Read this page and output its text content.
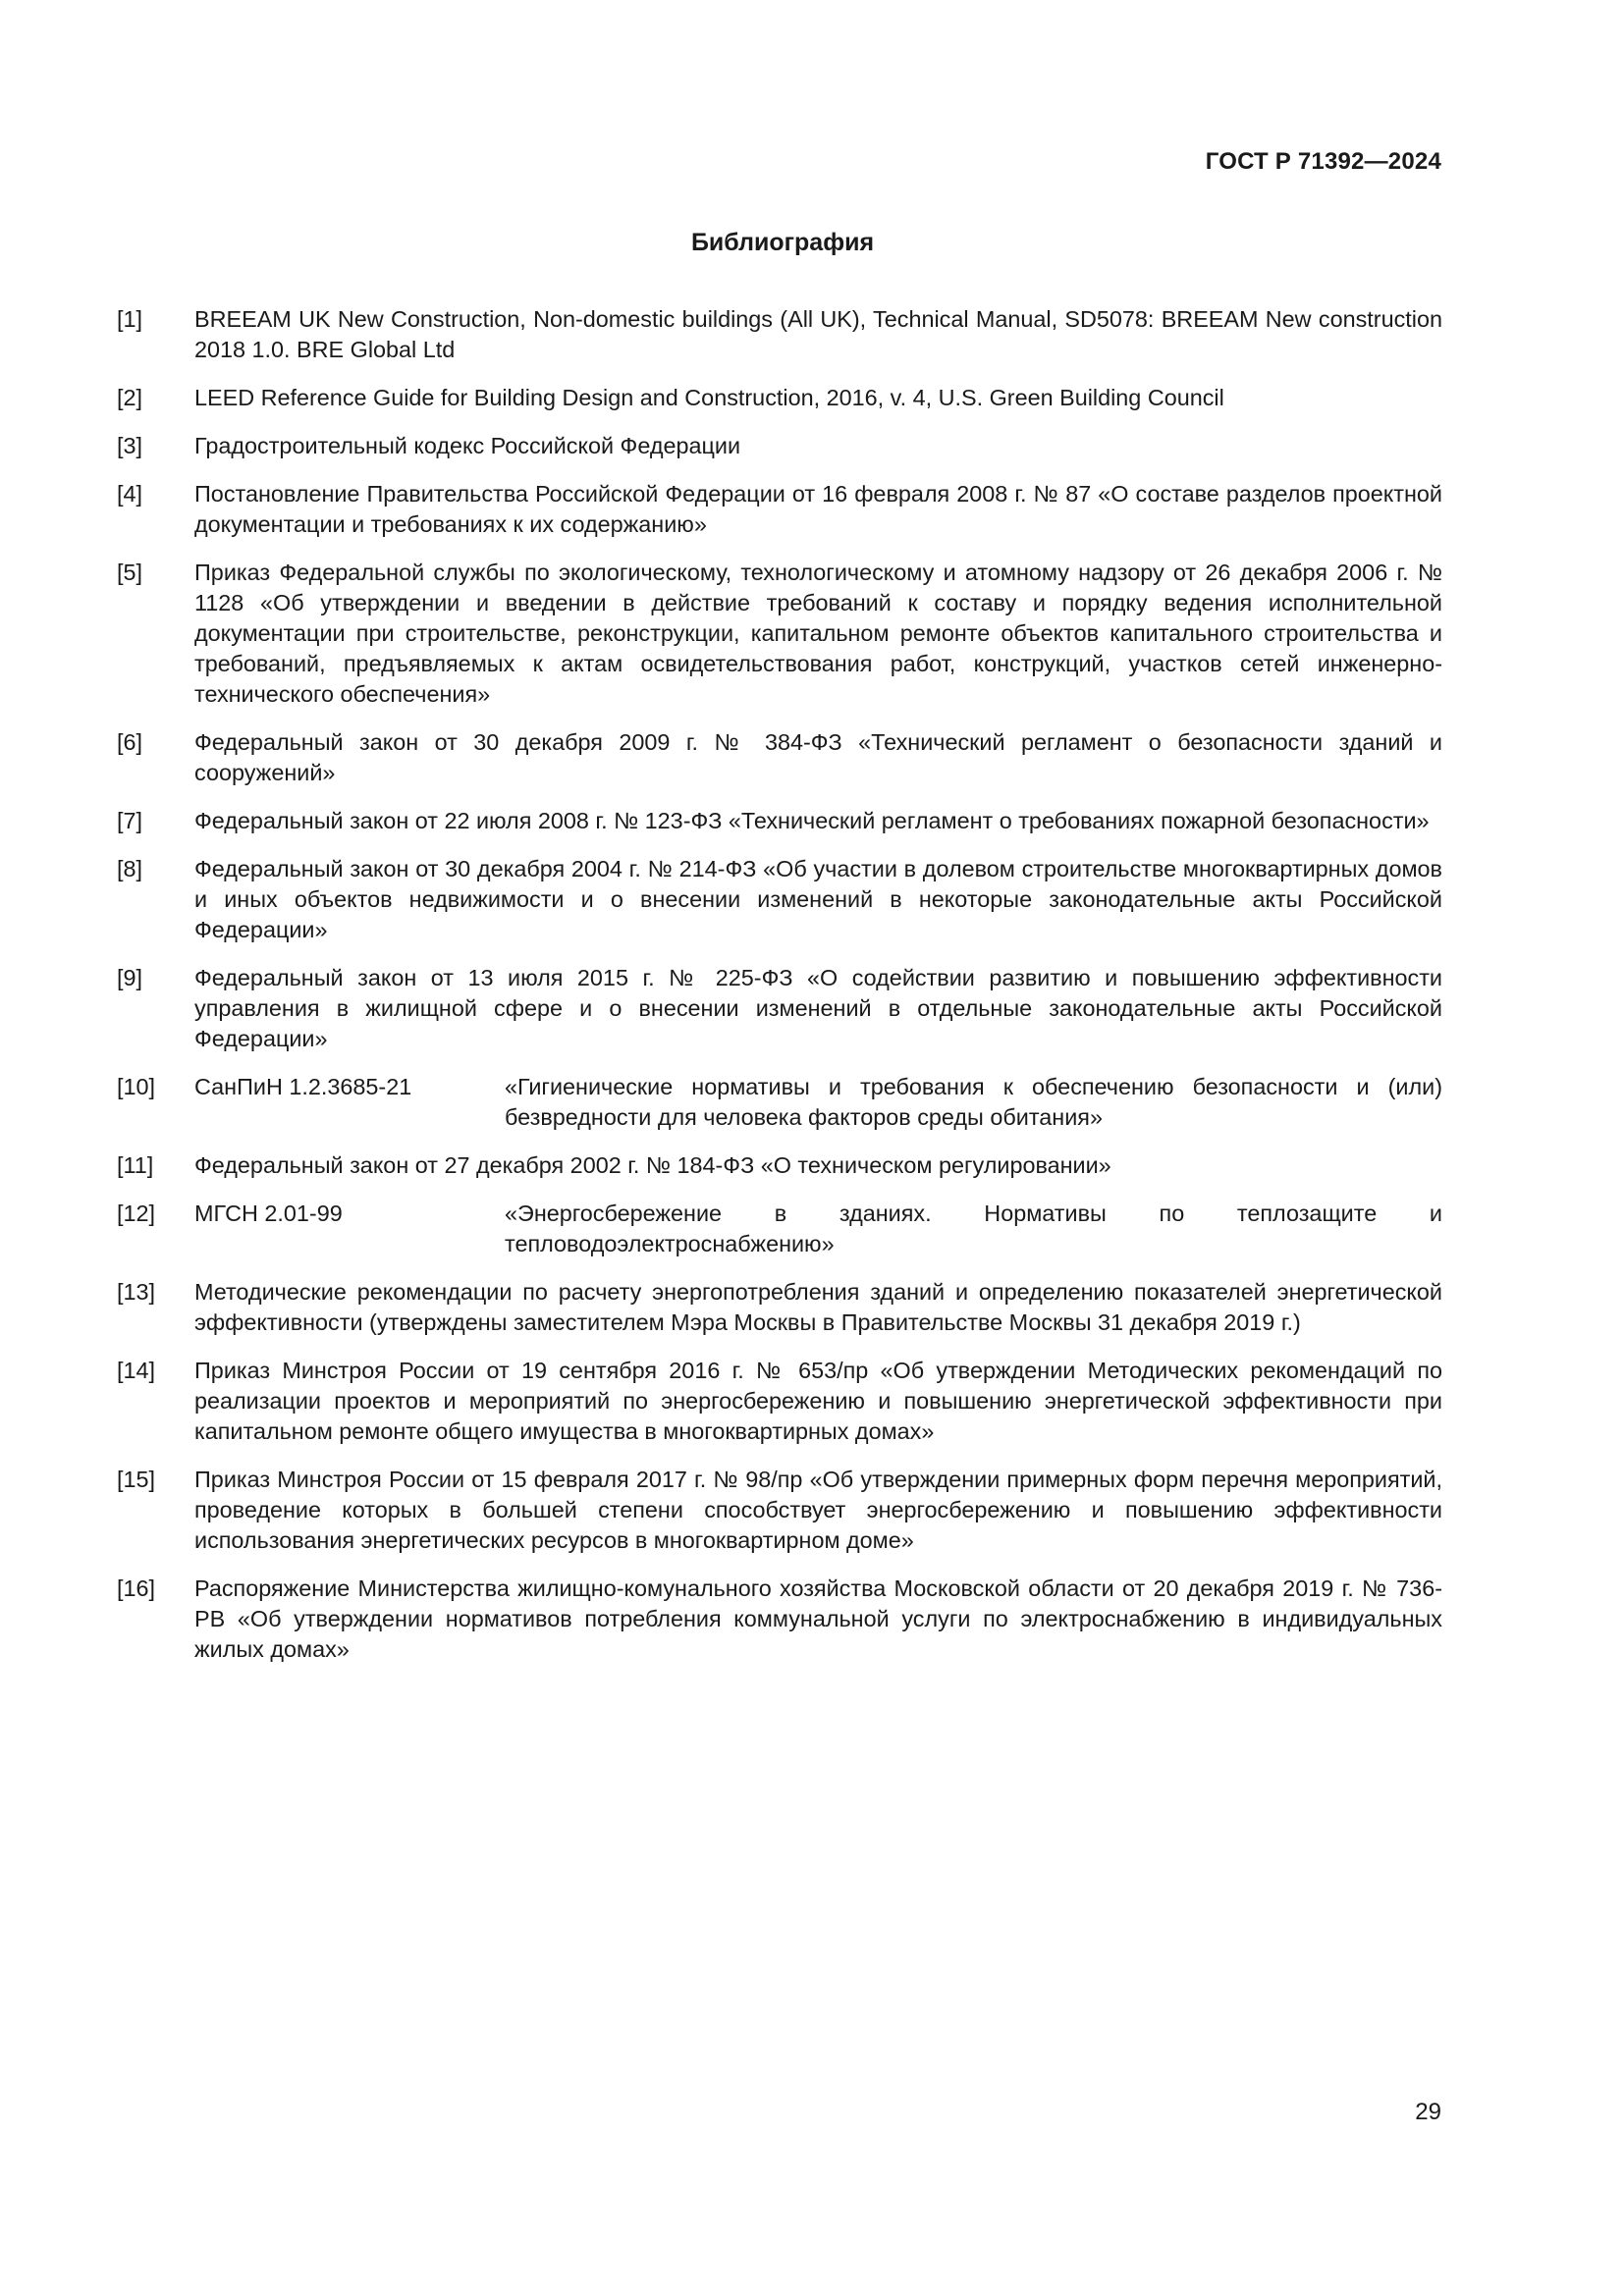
ГОСТ Р 71392—2024
Библиография
[1]	BREEAM UK New Construction, Non-domestic buildings (All UK), Technical Manual, SD5078: BREEAM New construction 2018 1.0. BRE Global Ltd
[2]	LEED Reference Guide for Building Design and Construction, 2016, v. 4, U.S. Green Building Council
[3]	Градостроительный кодекс Российской Федерации
[4]	Постановление Правительства Российской Федерации от 16 февраля 2008 г. № 87 «О составе разделов проектной документации и требованиях к их содержанию»
[5]	Приказ Федеральной службы по экологическому, технологическому и атомному надзору от 26 декабря 2006 г. № 1128 «Об утверждении и введении в действие требований к составу и порядку ведения исполнительной документации при строительстве, реконструкции, капитальном ремонте объектов капитального строительства и требований, предъявляемых к актам освидетельствования работ, конструкций, участков сетей инженерно-технического обеспечения»
[6]	Федеральный закон от 30 декабря 2009 г. № 384-ФЗ «Технический регламент о безопасности зданий и сооружений»
[7]	Федеральный закон от 22 июля 2008 г. № 123-ФЗ «Технический регламент о требованиях пожарной безопасности»
[8]	Федеральный закон от 30 декабря 2004 г. № 214-ФЗ «Об участии в долевом строительстве многоквартирных домов и иных объектов недвижимости и о внесении изменений в некоторые законодательные акты Российской Федерации»
[9]	Федеральный закон от 13 июля 2015 г. № 225-ФЗ «О содействии развитию и повышению эффективности управления в жилищной сфере и о внесении изменений в отдельные законодательные акты Российской Федерации»
[10]	СанПиН 1.2.3685-21	«Гигиенические нормативы и требования к обеспечению безопасности и (или) безвредности для человека факторов среды обитания»
[11]	Федеральный закон от 27 декабря 2002 г. № 184-ФЗ «О техническом регулировании»
[12]	МГСН 2.01-99	«Энергосбережение в зданиях. Нормативы по теплозащите и тепловодоэлектроснабжению»
[13]	Методические рекомендации по расчету энергопотребления зданий и определению показателей энергетической эффективности (утверждены заместителем Мэра Москвы в Правительстве Москвы 31 декабря 2019 г.)
[14]	Приказ Минстроя России от 19 сентября 2016 г. № 653/пр «Об утверждении Методических рекомендаций по реализации проектов и мероприятий по энергосбережению и повышению энергетической эффективности при капитальном ремонте общего имущества в многоквартирных домах»
[15]	Приказ Минстроя России от 15 февраля 2017 г. № 98/пр «Об утверждении примерных форм перечня мероприятий, проведение которых в большей степени способствует энергосбережению и повышению эффективности использования энергетических ресурсов в многоквартирном доме»
[16]	Распоряжение Министерства жилищно-комунального хозяйства Московской области от 20 декабря 2019 г. № 736-РВ «Об утверждении нормативов потребления коммунальной услуги по электроснабжению в индивидуальных жилых домах»
29
